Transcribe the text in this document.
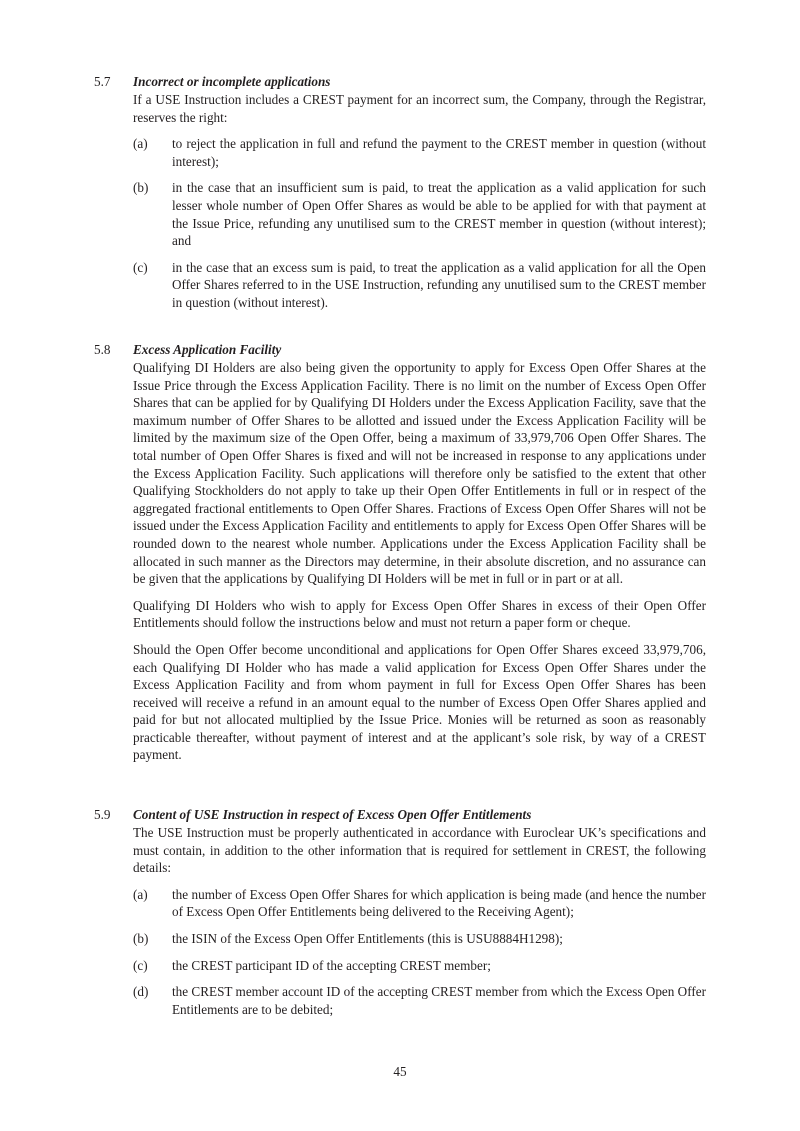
5.7 Incorrect or incomplete applications

If a USE Instruction includes a CREST payment for an incorrect sum, the Company, through the Registrar, reserves the right:

(a) to reject the application in full and refund the payment to the CREST member in question (without interest);
(b) in the case that an insufficient sum is paid, to treat the application as a valid application for such lesser whole number of Open Offer Shares as would be able to be applied for with that payment at the Issue Price, refunding any unutilised sum to the CREST member in question (without interest); and
(c) in the case that an excess sum is paid, to treat the application as a valid application for all the Open Offer Shares referred to in the USE Instruction, refunding any unutilised sum to the CREST member in question (without interest).
5.8 Excess Application Facility

Qualifying DI Holders are also being given the opportunity to apply for Excess Open Offer Shares at the Issue Price through the Excess Application Facility. There is no limit on the number of Excess Open Offer Shares that can be applied for by Qualifying DI Holders under the Excess Application Facility, save that the maximum number of Offer Shares to be allotted and issued under the Excess Application Facility will be limited by the maximum size of the Open Offer, being a maximum of 33,979,706 Open Offer Shares. The total number of Open Offer Shares is fixed and will not be increased in response to any applications under the Excess Application Facility. Such applications will therefore only be satisfied to the extent that other Qualifying Stockholders do not apply to take up their Open Offer Entitlements in full or in respect of the aggregated fractional entitlements to Open Offer Shares. Fractions of Excess Open Offer Shares will not be issued under the Excess Application Facility and entitlements to apply for Excess Open Offer Shares will be rounded down to the nearest whole number. Applications under the Excess Application Facility shall be allocated in such manner as the Directors may determine, in their absolute discretion, and no assurance can be given that the applications by Qualifying DI Holders will be met in full or in part or at all.

Qualifying DI Holders who wish to apply for Excess Open Offer Shares in excess of their Open Offer Entitlements should follow the instructions below and must not return a paper form or cheque.

Should the Open Offer become unconditional and applications for Open Offer Shares exceed 33,979,706, each Qualifying DI Holder who has made a valid application for Excess Open Offer Shares under the Excess Application Facility and from whom payment in full for Excess Open Offer Shares has been received will receive a refund in an amount equal to the number of Excess Open Offer Shares applied and paid for but not allocated multiplied by the Issue Price. Monies will be returned as soon as reasonably practicable thereafter, without payment of interest and at the applicant’s sole risk, by way of a CREST payment.

5.9 Content of USE Instruction in respect of Excess Open Offer Entitlements

The USE Instruction must be properly authenticated in accordance with Euroclear UK’s specifications and must contain, in addition to the other information that is required for settlement in CREST, the following details:

(a) the number of Excess Open Offer Shares for which application is being made (and hence the number of Excess Open Offer Entitlements being delivered to the Receiving Agent);
(b) the ISIN of the Excess Open Offer Entitlements (this is USU8884H1298);
(c) the CREST participant ID of the accepting CREST member;
(d) the CREST member account ID of the accepting CREST member from which the Excess Open Offer Entitlements are to be debited;
45
